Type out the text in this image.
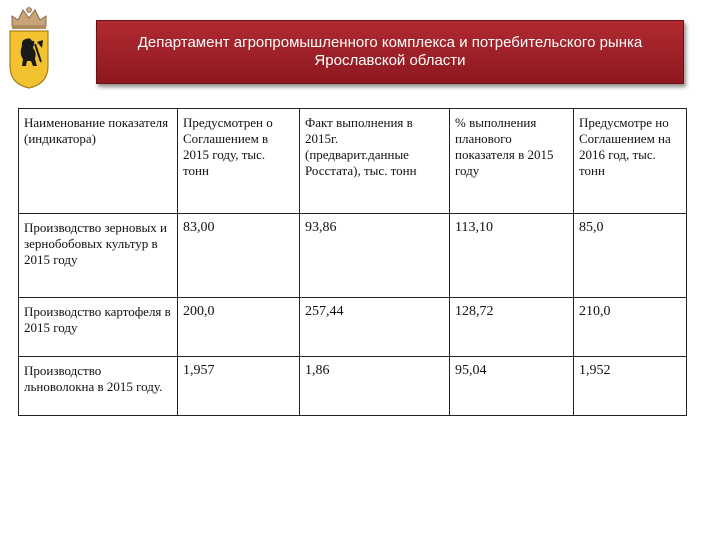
Департамент агропромышленного комплекса и потребительского рынка Ярославской области
Наименование показателя (индикатора)	Предусмотрен о Соглашением в 2015 году, тыс. тонн	Факт выполнения в 2015г. (предварит.данные Росстата), тыс. тонн	% выполнения планового показателя в 2015 году	Предусмотре но Соглашением на 2016 год, тыс. тонн
Производство зерновых и зернобобовых культур в 2015 году	83,00	93,86	113,10	85,0
Производство картофеля в 2015 году	200,0	257,44	128,72	210,0
Производство льноволокна в 2015 году.	1,957	1,86	95,04	1,952
